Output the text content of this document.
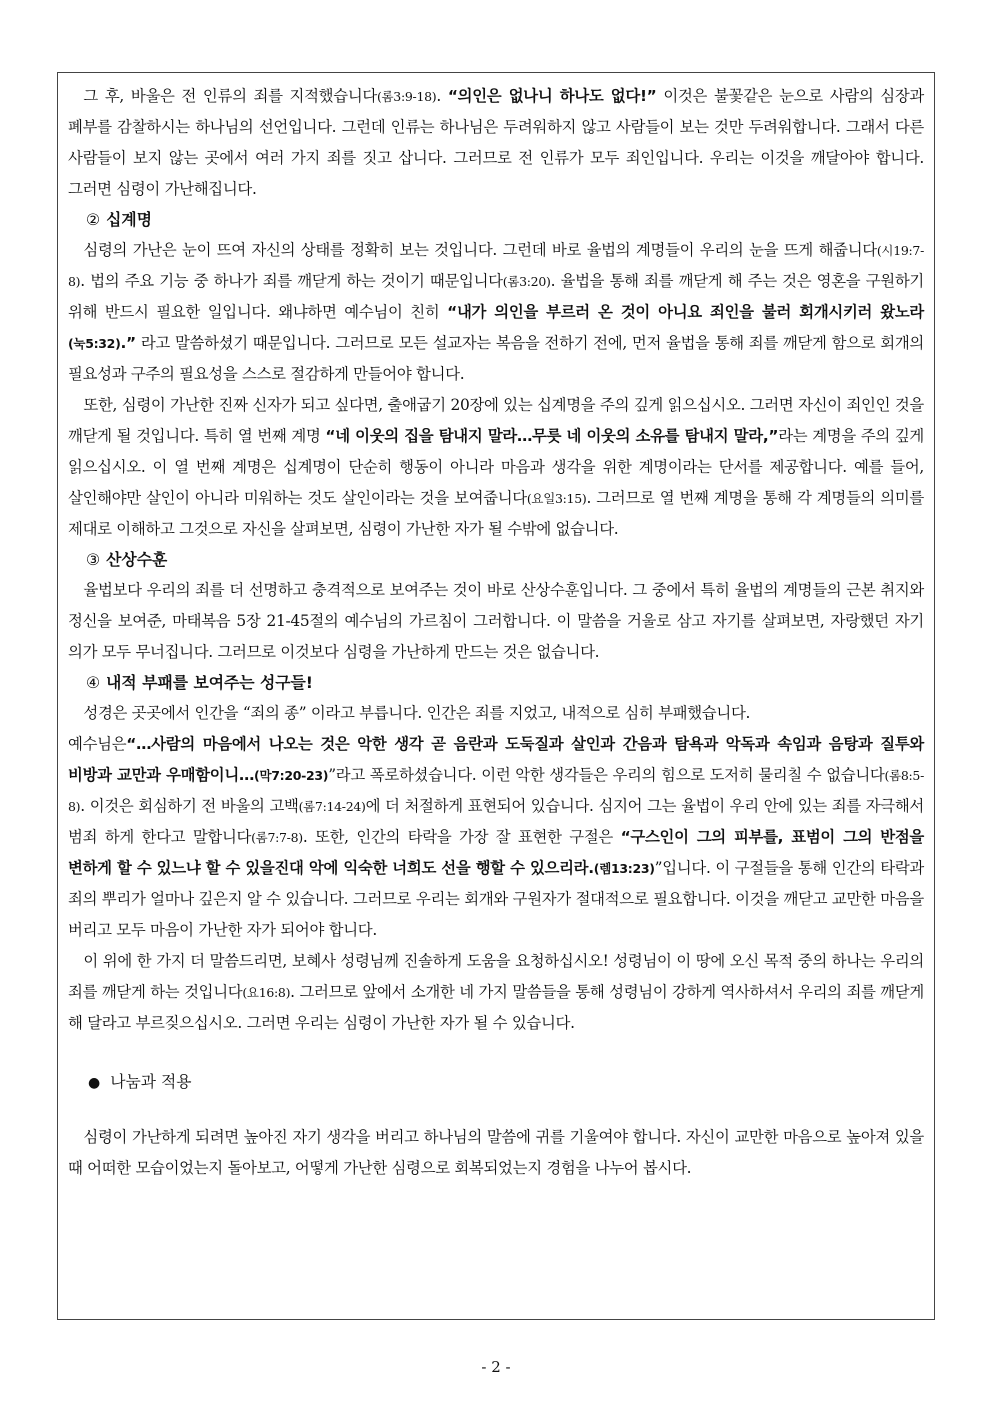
그 후, 바울은 전 인류의 죄를 지적했습니다(롬3:9-18). “의인은 없나니 하나도 없다!” 이것은 불꽃같은 눈으로 사람의 심장과 폐부를 감찰하시는 하나님의 선언입니다. 그런데 인류는 하나님은 두려워하지 않고 사람들이 보는 것만 두려워합니다. 그래서 다른 사람들이 보지 않는 곳에서 여러 가지 죄를 짓고 삽니다. 그러므로 전 인류가 모두 죄인입니다. 우리는 이것을 깨달아야 합니다. 그러면 심령이 가난해집니다.

② 십계명

심령의 가난은 눈이 뜨여 자신의 상태를 정확히 보는 것입니다. 그런데 바로 율법의 계명들이 우리의 눈을 뜨게 해줍니다(시19:7-8). 법의 주요 기능 중 하나가 죄를 깨닫게 하는 것이기 때문입니다(롬3:20). 율법을 통해 죄를 깨닫게 해 주는 것은 영혼을 구원하기 위해 반드시 필요한 일입니다. 왜냐하면 예수님이 친히 “내가 의인을 부르러 온 것이 아니요 죄인을 불러 회개시키러 왔노라(눅5:32).” 라고 말씀하셨기 때문입니다. 그러므로 모든 설교자는 복음을 전하기 전에, 먼저 율법을 통해 죄를 깨닫게 함으로 회개의 필요성과 구주의 필요성을 스스로 절감하게 만들어야 합니다.

또한, 심령이 가난한 진짜 신자가 되고 싶다면, 출애굽기 20장에 있는 십계명을 주의 깊게 읽으십시오. 그러면 자신이 죄인인 것을 깨닫게 될 것입니다. 특히 열 번째 계명 “네 이웃의 집을 탐내지 말라…무릇 네 이웃의 소유를 탐내지 말라,”라는 계명을 주의 깊게 읽으십시오. 이 열 번째 계명은 십계명이 단순히 행동이 아니라 마음과 생각을 위한 계명이라는 단서를 제공합니다. 예를 들어, 살인해야만 살인이 아니라 미워하는 것도 살인이라는 것을 보여줍니다(요일3:15). 그러므로 열 번째 계명을 통해 각 계명들의 의미를 제대로 이해하고 그것으로 자신을 살펴보면, 심령이 가난한 자가 될 수밖에 없습니다.

③ 산상수훈

율법보다 우리의 죄를 더 선명하고 충격적으로 보여주는 것이 바로 산상수훈입니다. 그 중에서 특히 율법의 계명들의 근본 취지와 정신을 보여준, 마태복음 5장 21-45절의 예수님의 가르침이 그러합니다. 이 말씀을 거울로 삼고 자기를 살펴보면, 자랑했던 자기 의가 모두 무너집니다. 그러므로 이것보다 심령을 가난하게 만드는 것은 없습니다.

④ 내적 부패를 보여주는 성구들!

성경은 곳곳에서 인간을 “죄의 종” 이라고 부릅니다. 인간은 죄를 지었고, 내적으로 심히 부패했습니다.

예수님은“…사람의 마음에서 나오는 것은 악한 생각 곧 음란과 도둑질과 살인과 간음과 탐욕과 악독과 속임과 음탕과 질투와 비방과 교만과 우매함이니…(막7:20-23)”라고 폭로하셨습니다. 이런 악한 생각들은 우리의 힘으로 도저히 물리칠 수 없습니다(롬8:5-8). 이것은 회심하기 전 바울의 고백(롬7:14-24)에 더 처절하게 표현되어 있습니다. 심지어 그는 율법이 우리 안에 있는 죄를 자극해서 범죄 하게 한다고 말합니다(롬7:7-8). 또한, 인간의 타락을 가장 잘 표현한 구절은 “구스인이 그의 피부를, 표범이 그의 반점을 변하게 할 수 있느냐 할 수 있을진대 악에 익숙한 너희도 선을 행할 수 있으리라.(렘13:23)”입니다. 이 구절들을 통해 인간의 타락과 죄의 뿌리가 얼마나 깊은지 알 수 있습니다. 그러므로 우리는 회개와 구원자가 절대적으로 필요합니다. 이것을 깨닫고 교만한 마음을 버리고 모두 마음이 가난한 자가 되어야 합니다.

이 위에 한 가지 더 말씀드리면, 보혜사 성령님께 진솔하게 도움을 요청하십시오! 성령님이 이 땅에 오신 목적 중의 하나는 우리의 죄를 깨닫게 하는 것입니다(요16:8). 그러므로 앞에서 소개한 네 가지 말씀들을 통해 성령님이 강하게 역사하셔서 우리의 죄를 깨닫게 해 달라고 부르짖으십시오. 그러면 우리는 심령이 가난한 자가 될 수 있습니다.

● 나눔과 적용

심령이 가난하게 되려면 높아진 자기 생각을 버리고 하나님의 말씀에 귀를 기울여야 합니다. 자신이 교만한 마음으로 높아져 있을 때 어떠한 모습이었는지 돌아보고, 어떻게 가난한 심령으로 회복되었는지 경험을 나누어 봅시다.

- 2 -
